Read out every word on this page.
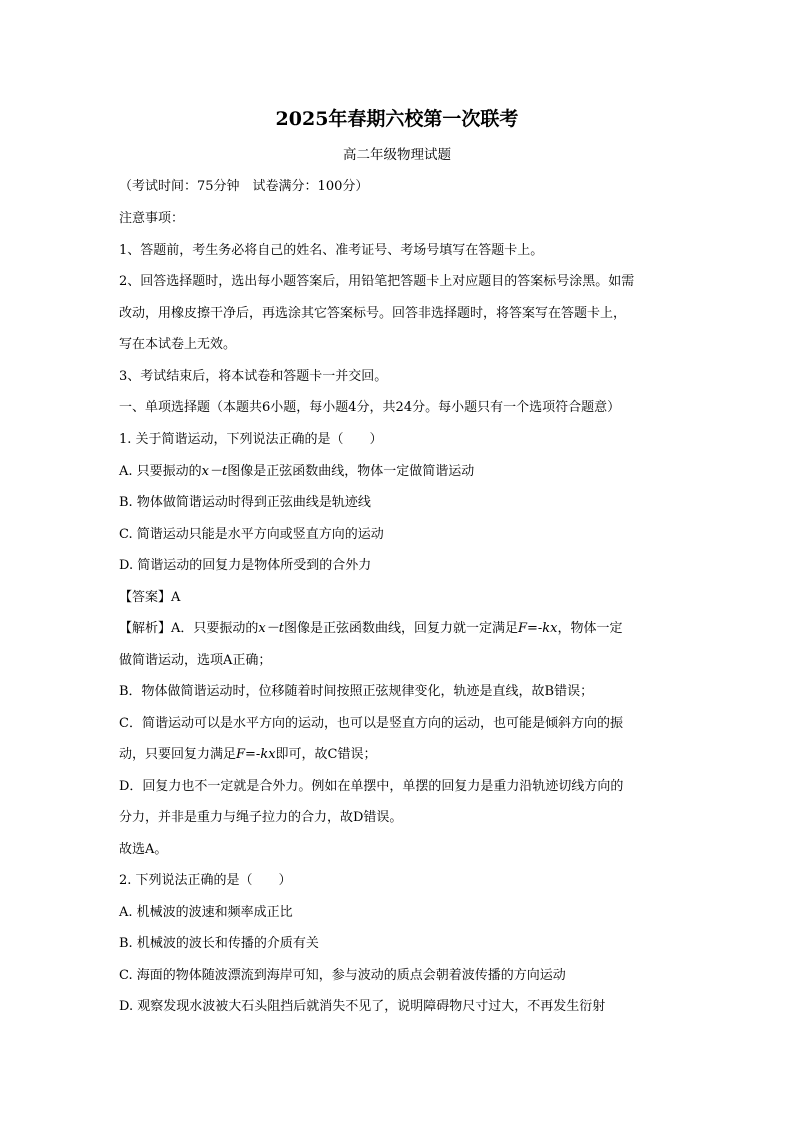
2025年春期六校第一次联考
高二年级物理试题
（考试时间：75分钟　试卷满分：100分）
注意事项：
1、答题前，考生务必将自己的姓名、准考证号、考场号填写在答题卡上。
2、回答选择题时，选出每小题答案后，用铅笔把答题卡上对应题目的答案标号涂黑。如需
改动，用橡皮擦干净后，再选涂其它答案标号。回答非选择题时，将答案写在答题卡上，
写在本试卷上无效。
3、考试结束后，将本试卷和答题卡一并交回。
一、单项选择题（本题共6小题，每小题4分，共24分。每小题只有一个选项符合题意）
1. 关于简谐运动，下列说法正确的是（　　）
A. 只要振动的x－t图像是正弦函数曲线，物体一定做简谐运动
B. 物体做简谐运动时得到正弦曲线是轨迹线
C. 简谐运动只能是水平方向或竖直方向的运动
D. 简谐运动的回复力是物体所受到的合外力
【答案】A
【解析】A．只要振动的x－t图像是正弦函数曲线，回复力就一定满足F=-kx，物体一定
做简谐运动，选项A正确；
B．物体做简谐运动时，位移随着时间按照正弦规律变化，轨迹是直线，故B错误；
C．简谐运动可以是水平方向的运动，也可以是竖直方向的运动，也可能是倾斜方向的振
动，只要回复力满足F=-kx即可，故C错误；
D．回复力也不一定就是合外力。例如在单摆中，单摆的回复力是重力沿轨迹切线方向的
分力，并非是重力与绳子拉力的合力，故D错误。
故选A。
2. 下列说法正确的是（　　）
A. 机械波的波速和频率成正比
B. 机械波的波长和传播的介质有关
C. 海面的物体随波漂流到海岸可知，参与波动的质点会朝着波传播的方向运动
D. 观察发现水波被大石头阻挡后就消失不见了，说明障碍物尺寸过大，不再发生衍射
